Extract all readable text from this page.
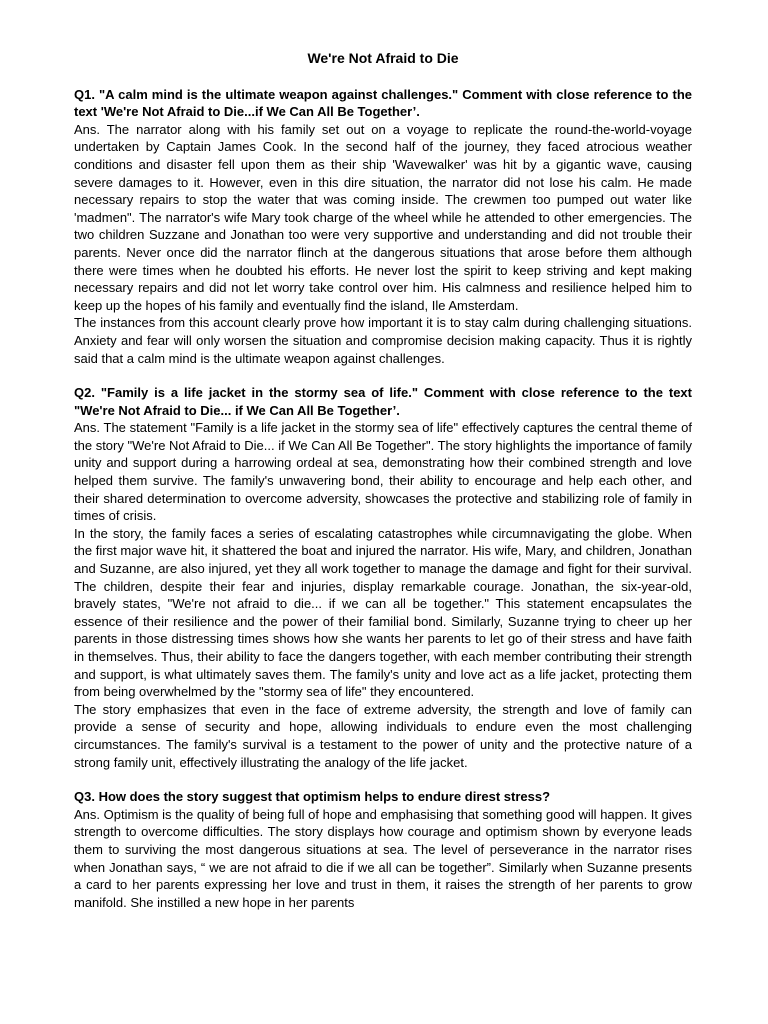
We're Not Afraid to Die

Q1. "A calm mind is the ultimate weapon against challenges." Comment with close reference to the text 'We're Not Afraid to Die...if We Can All Be Together’.

Ans. The narrator along with his family set out on a voyage to replicate the round-the-world-voyage undertaken by Captain James Cook. In the second half of the journey, they faced atrocious weather conditions and disaster fell upon them as their ship 'Wavewalker' was hit by a gigantic wave, causing severe damages to it. However, even in this dire situation, the narrator did not lose his calm. He made necessary repairs to stop the water that was coming inside. The crewmen too pumped out water like 'madmen". The narrator's wife Mary took charge of the wheel while he attended to other emergencies. The two children Suzzane and Jonathan too were very supportive and understanding and did not trouble their parents. Never once did the narrator flinch at the dangerous situations that arose before them although there were times when he doubted his efforts. He never lost the spirit to keep striving and kept making necessary repairs and did not let worry take control over him. His calmness and resilience helped him to keep up the hopes of his family and eventually find the island, Ile Amsterdam.

The instances from this account clearly prove how important it is to stay calm during challenging situations. Anxiety and fear will only worsen the situation and compromise decision making capacity. Thus it is rightly said that a calm mind is the ultimate weapon against challenges.

Q2. "Family is a life jacket in the stormy sea of life." Comment with close reference to the text "We're Not Afraid to Die... if We Can All Be Together’.

Ans. The statement "Family is a life jacket in the stormy sea of life" effectively captures the central theme of the story "We're Not Afraid to Die... if We Can All Be Together". The story highlights the importance of family unity and support during a harrowing ordeal at sea, demonstrating how their combined strength and love helped them survive. The family's unwavering bond, their ability to encourage and help each other, and their shared determination to overcome adversity, showcases the protective and stabilizing role of family in times of crisis.

In the story, the family faces a series of escalating catastrophes while circumnavigating the globe. When the first major wave hit, it shattered the boat and injured the narrator. His wife, Mary, and children, Jonathan and Suzanne, are also injured, yet they all work together to manage the damage and fight for their survival. The children, despite their fear and injuries, display remarkable courage. Jonathan, the six-year-old, bravely states, "We're not afraid to die... if we can all be together." This statement encapsulates the essence of their resilience and the power of their familial bond. Similarly, Suzanne trying to cheer up her parents in those distressing times shows how she wants her parents to let go of their stress and have faith in themselves. Thus, their ability to face the dangers together, with each member contributing their strength and support, is what ultimately saves them. The family's unity and love act as a life jacket, protecting them from being overwhelmed by the "stormy sea of life" they encountered.

The story emphasizes that even in the face of extreme adversity, the strength and love of family can provide a sense of security and hope, allowing individuals to endure even the most challenging circumstances. The family's survival is a testament to the power of unity and the protective nature of a strong family unit, effectively illustrating the analogy of the life jacket.

Q3. How does the story suggest that optimism helps to endure direst stress?

Ans. Optimism is the quality of being full of hope and emphasising that something good will happen. It gives strength to overcome difficulties. The story displays how courage and optimism shown by everyone leads them to surviving the most dangerous situations at sea. The level of perseverance in the narrator rises when Jonathan says, “ we are not afraid to die if we all can be together”. Similarly when Suzanne presents a card to her parents expressing her love and trust in them, it raises the strength of her parents to grow manifold. She instilled a new hope in her parents
